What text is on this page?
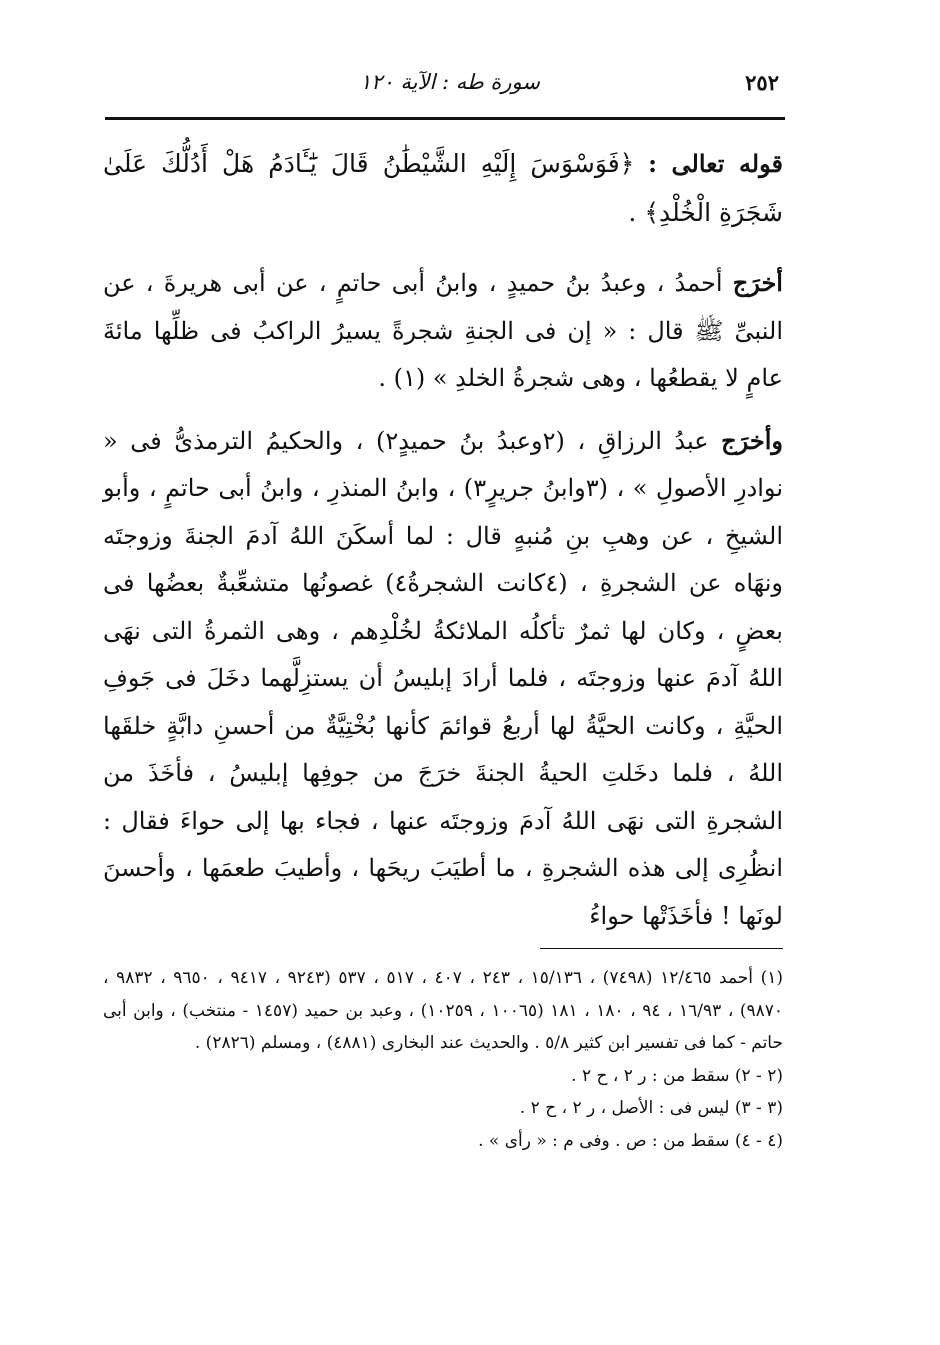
٢٥٢
سورة طه : الآية ١٢٠

قوله تعالى : ﴿فَوَسْوَسَ إِلَيْهِ الشَّيْطَٰنُ قَالَ يَٰٓـَٔادَمُ هَلْ أَدُلُّكَ عَلَىٰ شَجَرَةِ الْخُلْدِ﴾ .

أخرَج أحمدُ ، وعبدُ بنُ حميدٍ ، وابنُ أبى حاتمٍ ، عن أبى هريرةَ ، عن النبىِّ ﷺ قال : « إن فى الجنةِ شجرةً يسيرُ الراكبُ فى ظلِّها مائةَ عامٍ لا يقطعُها ، وهى شجرةُ الخلدِ » (١) .

وأخرَج عبدُ الرزاقِ ، (٢وعبدُ بنُ حميدٍ٢) ، والحكيمُ الترمذىُّ فى « نوادرِ الأصولِ » ، (٣وابنُ جريرٍ٣) ، وابنُ المنذرِ ، وابنُ أبى حاتمٍ ، وأبو الشيخِ ، عن وهبِ بنِ مُنبهٍ قال : لما أسكَنَ اللهُ آدمَ الجنةَ وزوجتَه ونهَاه عن الشجرةِ ، (٤كانت الشجرةُ٤) غصونُها متشعِّبةٌ بعضُها فى بعضٍ ، وكان لها ثمرٌ تأكلُه الملائكةُ لخُلْدِهم ، وهى الثمرةُ التى نهَى اللهُ آدمَ عنها وزوجتَه ، فلما أرادَ إبليسُ أن يستزِلَّهما دخَلَ فى جَوفِ الحيَّةِ ، وكانت الحيَّةُ لها أربعُ قوائمَ كأنها بُخْتِيَّةٌ من أحسنِ دابَّةٍ خلقَها اللهُ ، فلما دخَلتِ الحيةُ الجنةَ خرَجَ من جوفِها إبليسُ ، فأخَذَ من الشجرةِ التى نهَى اللهُ آدمَ وزوجتَه عنها ، فجاء بها إلى حواءَ فقال : انظُرِى إلى هذه الشجرةِ ، ما أطيَبَ ريحَها ، وأطيبَ طعمَها ، وأحسنَ لونَها ! فأخَذَتْها حواءُ

(١) أحمد ١٢/٤٦٥ (٧٤٩٨) ، ١٥/١٣٦ ، ٢٤٣ ، ٤٠٧ ، ٥١٧ ، ٥٣٧ (٩٢٤٣ ، ٩٤١٧ ، ٩٦٥٠ ، ٩٨٣٢ ، ٩٨٧٠) ، ١٦/٩٣ ، ٩٤ ، ١٨٠ ، ١٨١ (١٠٠٦٥ ، ١٠٢٥٩) ، وعبد بن حميد (١٤٥٧ - منتخب) ، وابن أبى حاتم - كما فى تفسير ابن كثير ٥/٨ . والحديث عند البخارى (٤٨٨١) ، ومسلم (٢٨٢٦) .

(٢ - ٢) سقط من : ر ٢ ، ح ٢ .

(٣ - ٣) ليس فى : الأصل ، ر ٢ ، ح ٢ .

(٤ - ٤) سقط من : ص . وفى م : « رأى » .
